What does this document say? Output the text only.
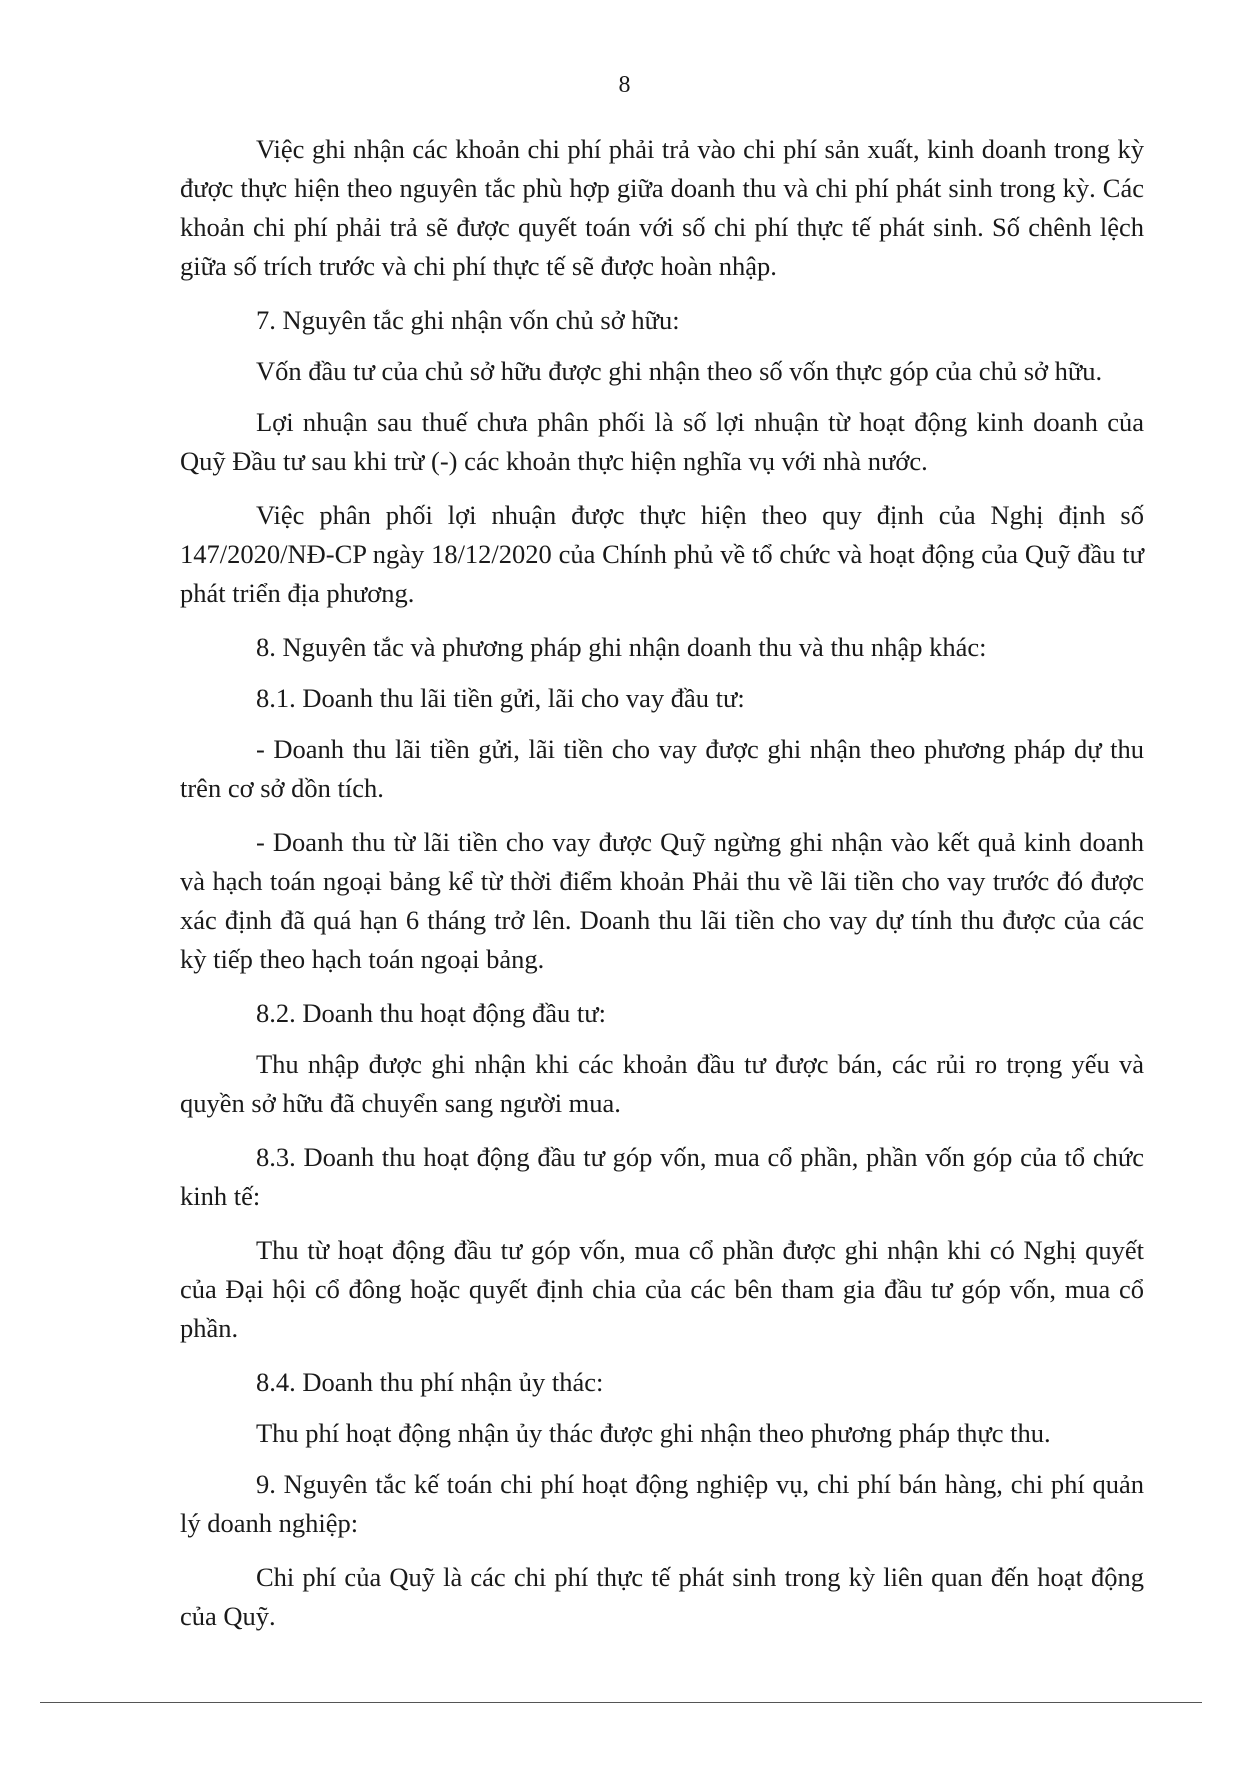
8

Việc ghi nhận các khoản chi phí phải trả vào chi phí sản xuất, kinh doanh trong kỳ được thực hiện theo nguyên tắc phù hợp giữa doanh thu và chi phí phát sinh trong kỳ. Các khoản chi phí phải trả sẽ được quyết toán với số chi phí thực tế phát sinh. Số chênh lệch giữa số trích trước và chi phí thực tế sẽ được hoàn nhập.

7. Nguyên tắc ghi nhận vốn chủ sở hữu:

Vốn đầu tư của chủ sở hữu được ghi nhận theo số vốn thực góp của chủ sở hữu.

Lợi nhuận sau thuế chưa phân phối là số lợi nhuận từ hoạt động kinh doanh của Quỹ Đầu tư sau khi trừ (-) các khoản thực hiện nghĩa vụ với nhà nước.

Việc phân phối lợi nhuận được thực hiện theo quy định của Nghị định số 147/2020/NĐ-CP ngày 18/12/2020 của Chính phủ về tổ chức và hoạt động của Quỹ đầu tư phát triển địa phương.

8. Nguyên tắc và phương pháp ghi nhận doanh thu và thu nhập khác:

8.1. Doanh thu lãi tiền gửi, lãi cho vay đầu tư:

- Doanh thu lãi tiền gửi, lãi tiền cho vay được ghi nhận theo phương pháp dự thu trên cơ sở dồn tích.

- Doanh thu từ lãi tiền cho vay được Quỹ ngừng ghi nhận vào kết quả kinh doanh và hạch toán ngoại bảng kể từ thời điểm khoản Phải thu về lãi tiền cho vay trước đó được xác định đã quá hạn 6 tháng trở lên. Doanh thu lãi tiền cho vay dự tính thu được của các kỳ tiếp theo hạch toán ngoại bảng.

8.2. Doanh thu hoạt động đầu tư:

Thu nhập được ghi nhận khi các khoản đầu tư được bán, các rủi ro trọng yếu và quyền sở hữu đã chuyển sang người mua.

8.3. Doanh thu hoạt động đầu tư góp vốn, mua cổ phần, phần vốn góp của tổ chức kinh tế:

Thu từ hoạt động đầu tư góp vốn, mua cổ phần được ghi nhận khi có Nghị quyết của Đại hội cổ đông hoặc quyết định chia của các bên tham gia đầu tư góp vốn, mua cổ phần.

8.4. Doanh thu phí nhận ủy thác:

Thu phí hoạt động nhận ủy thác được ghi nhận theo phương pháp thực thu.

9. Nguyên tắc kế toán chi phí hoạt động nghiệp vụ, chi phí bán hàng, chi phí quản lý doanh nghiệp:

Chi phí của Quỹ là các chi phí thực tế phát sinh trong kỳ liên quan đến hoạt động của Quỹ.
